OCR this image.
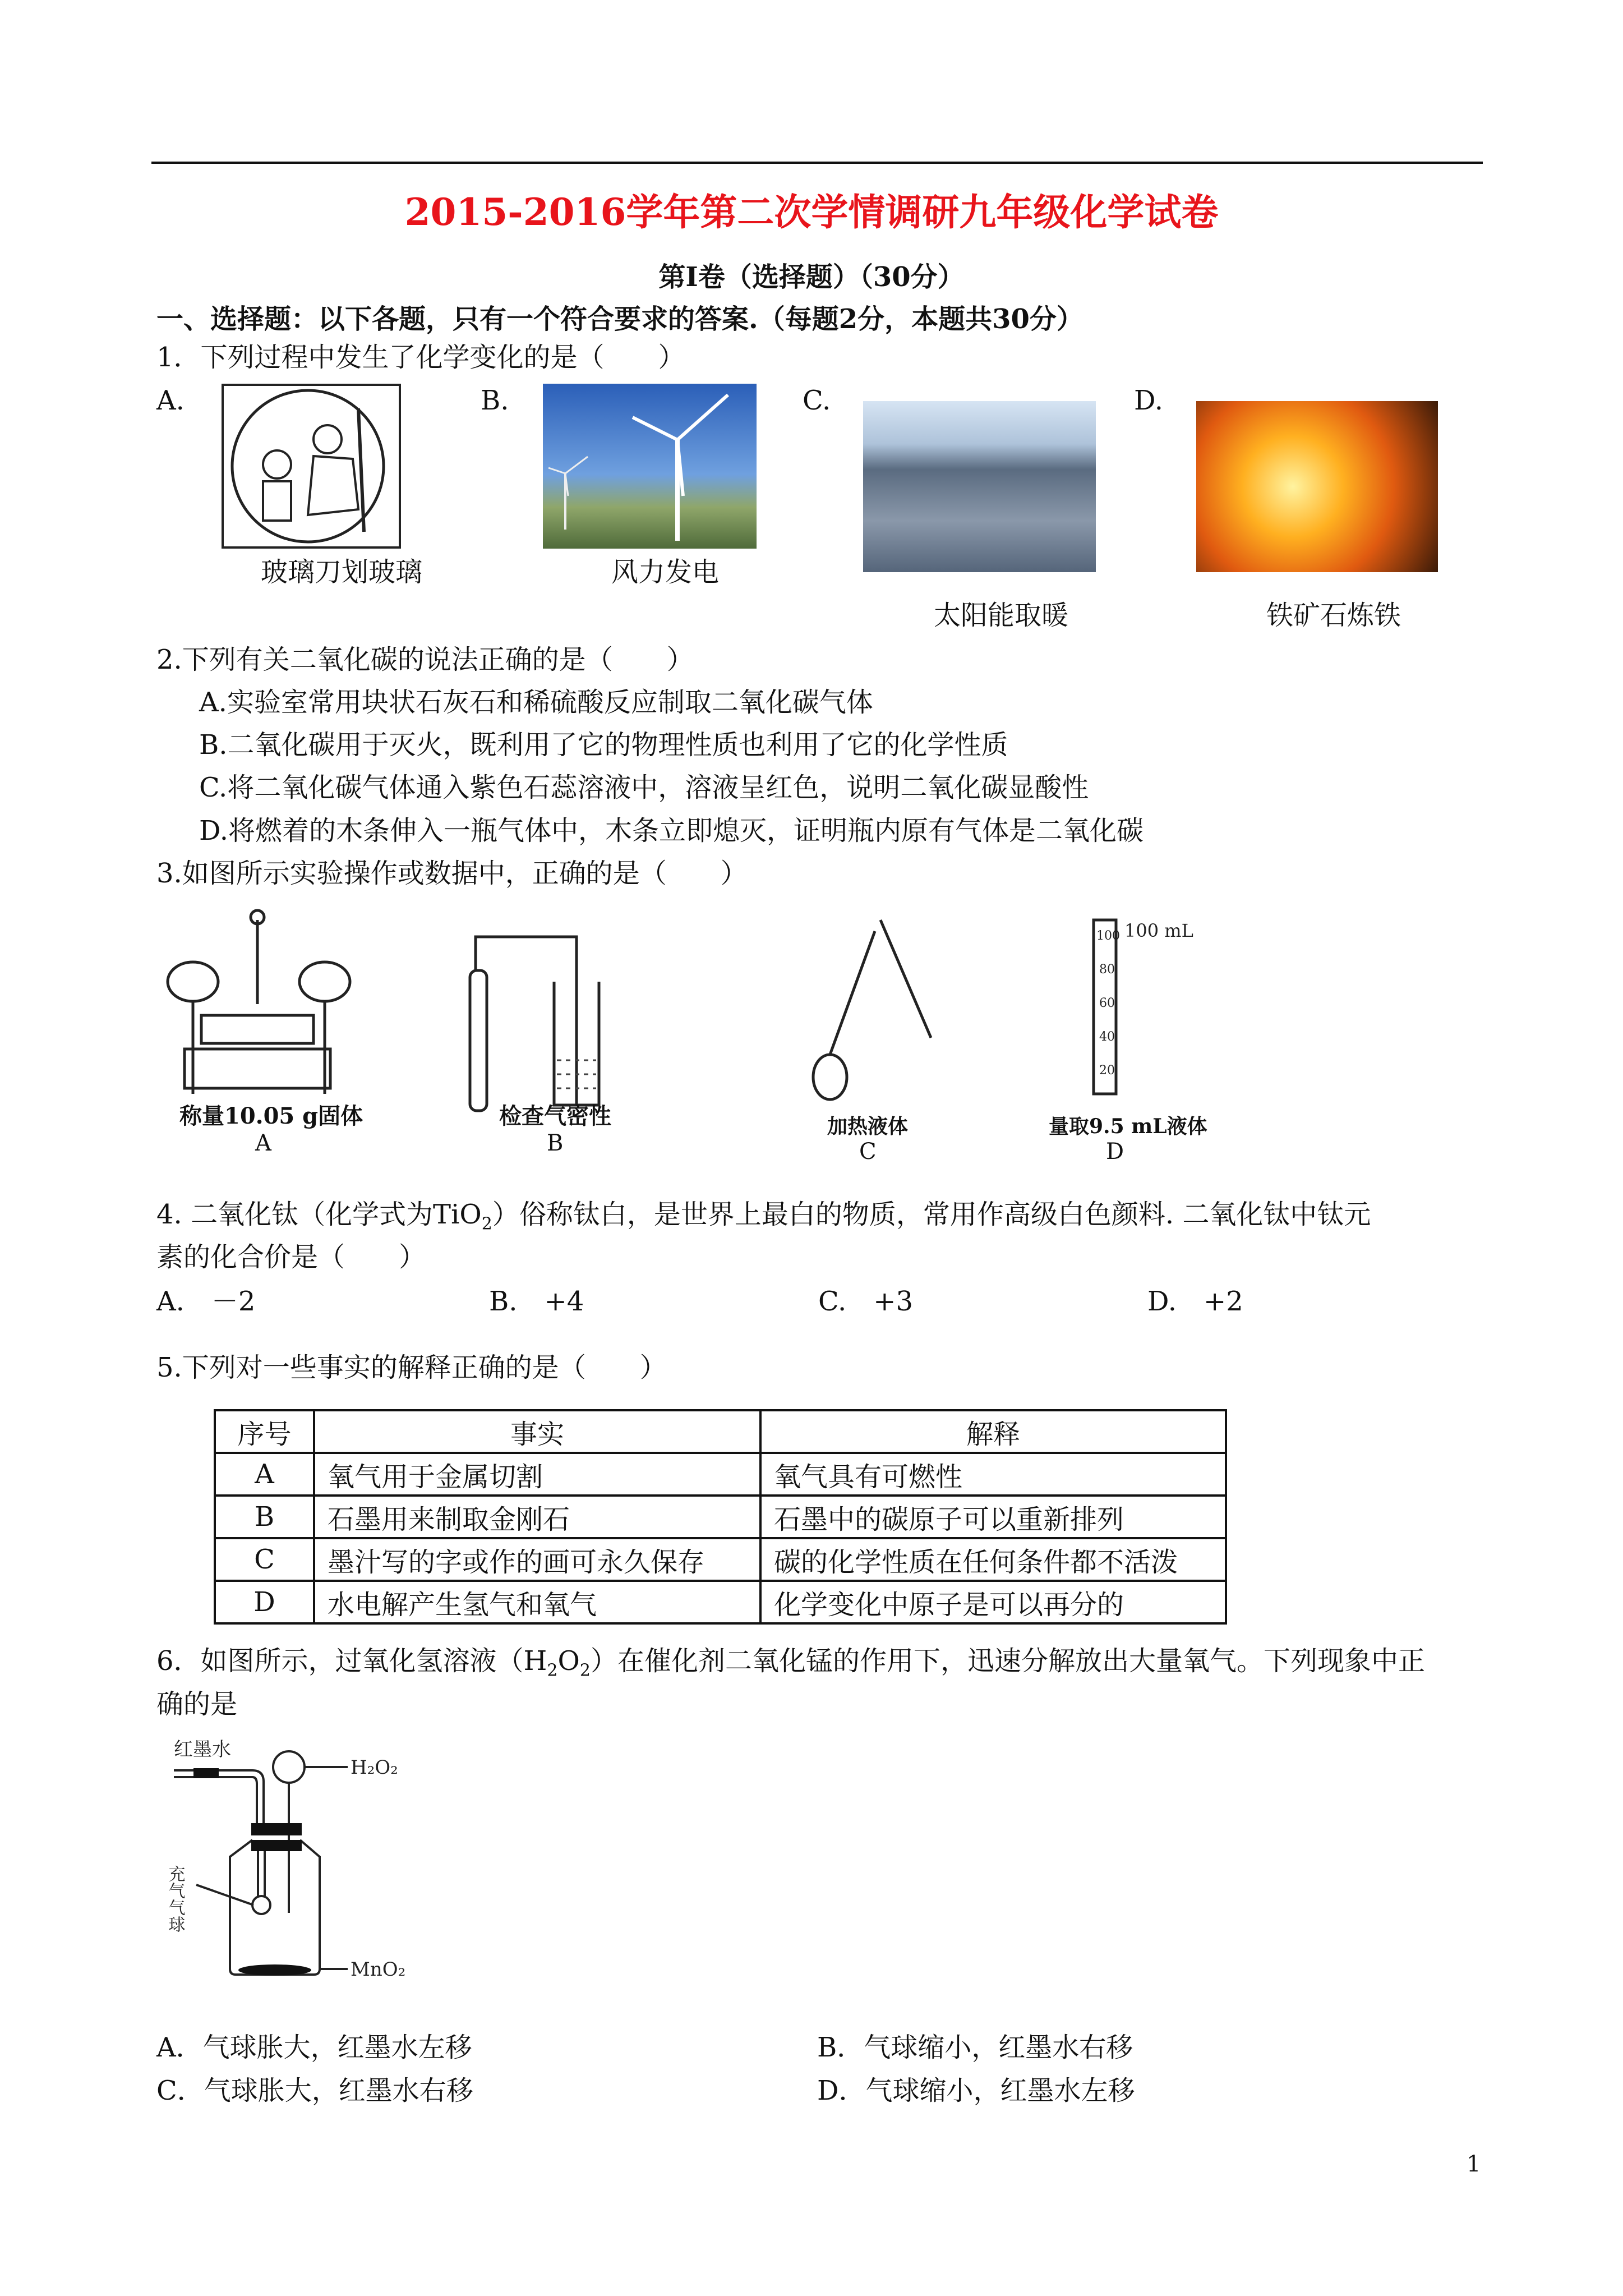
2015-2016学年第二次学情调研九年级化学试卷
第Ⅰ卷（选择题）（30分）
一、选择题：以下各题，只有一个符合要求的答案.（每题2分，本题共30分）
1．下列过程中发生了化学变化的是（　　）
A.	B.	C.	D.
玻璃刀划玻璃	风力发电
太阳能取暖	铁矿石炼铁
2.下列有关二氧化碳的说法正确的是（　　）
A.实验室常用块状石灰石和稀硫酸反应制取二氧化碳气体
B.二氧化碳用于灭火，既利用了它的物理性质也利用了它的化学性质
C.将二氧化碳气体通入紫色石蕊溶液中，溶液呈红色，说明二氧化碳显酸性
D.将燃着的木条伸入一瓶气体中，木条立即熄灭，证明瓶内原有气体是二氧化碳
3.如图所示实验操作或数据中，正确的是（　　）
100
80
60
40
20
100 mL
称量10.05 g固体
A
检查气密性
B
加热液体
C
量取9.5 mL液体
D
4. 二氧化钛（化学式为TiO$_2$）俗称钛白，是世界上最白的物质，常用作高级白色颜料. 二氧化钛中钛元
素的化合价是（　　）
A.　－2	B.　+4	C.　+3	D.　+2
5.下列对一些事实的解释正确的是（　　）
序号	事实	解释
A	氧气用于金属切割	氧气具有可燃性
B	石墨用来制取金刚石	石墨中的碳原子可以重新排列
C	墨汁写的字或作的画可永久保存	碳的化学性质在任何条件都不活泼
D	水电解产生氢气和氧气	化学变化中原子是可以再分的
6．如图所示，过氧化氢溶液$(H_2O_2)$在催化剂二氧化锰的作用下，迅速分解放出大量氧气。下列现象中正
确的是
红墨水
H₂O₂
MnO₂
充气气球
A．气球胀大，红墨水左移	B．气球缩小，红墨水右移
C．气球胀大，红墨水右移	D．气球缩小，红墨水左移
1
